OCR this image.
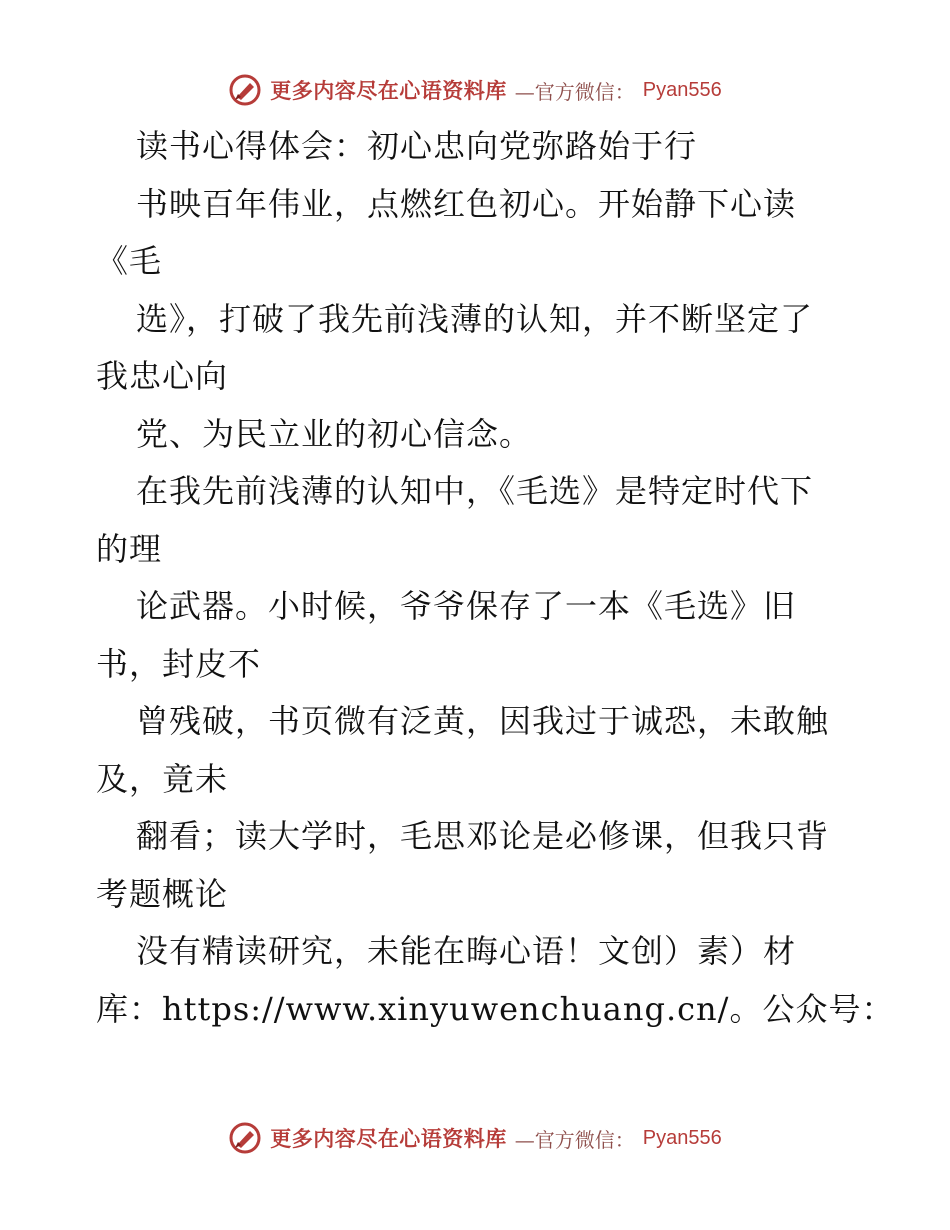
更多内容尽在心语资料库 —官方微信： Pyan556

读书心得体会：初心忠向党弥路始于行

书映百年伟业，点燃红色初心。开始静下心读

《毛

选》，打破了我先前浅薄的认知，并不断坚定了

我忠心向

党、为民立业的初心信念。

在我先前浅薄的认知中，《毛选》是特定时代下

的理

论武器。小时候，爷爷保存了一本《毛选》旧

书，封皮不

曾残破，书页微有泛黄，因我过于诚恐，未敢触

及，竟未

翻看；读大学时，毛思邓论是必修课，但我只背

考题概论

没有精读研究，未能在晦心语！文创）素）材

库：https://www.xinyuwenchuang.cn/。公众号：

更多内容尽在心语资料库 —官方微信： Pyan556
